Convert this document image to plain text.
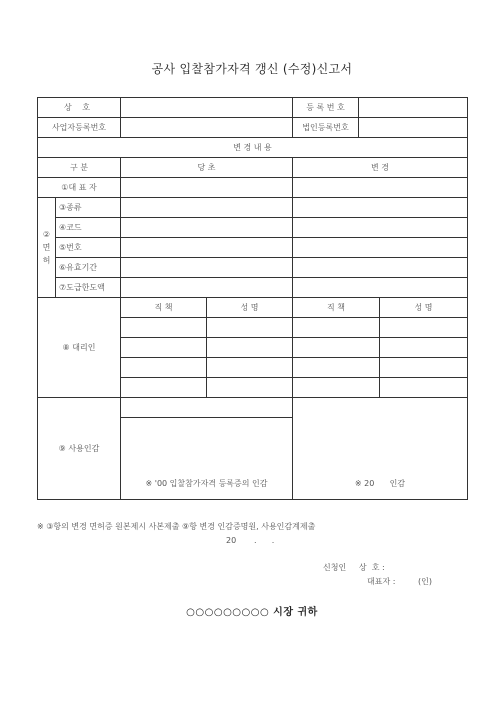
공사 입찰참가자격 갱신 (수정)신고서
상 호				등 록 번 호		
사업자등록번호				법인등록번호		
변 경 내 용						
구 분		당 초		변 경		
①대 표 자						
②
면
허	③종류					
	④코드					
	⑤번호					
	⑥유효기간					
	⑦도급한도액					
⑧ 대리인		직 책	성 명	직 책		성 명

⑨ 사용인감				※ 20      인감		
		※ '00 입찰참가자격 등록증의 인감				
※ ③항의 변경 면허증 원본제시 사본제출 ⑨항 변경 인감증명원, 사용인감계제출
20       .      .
신청인     상  호 :
대표자 :	(인)
○○○○○○○○○ 시장 귀하
